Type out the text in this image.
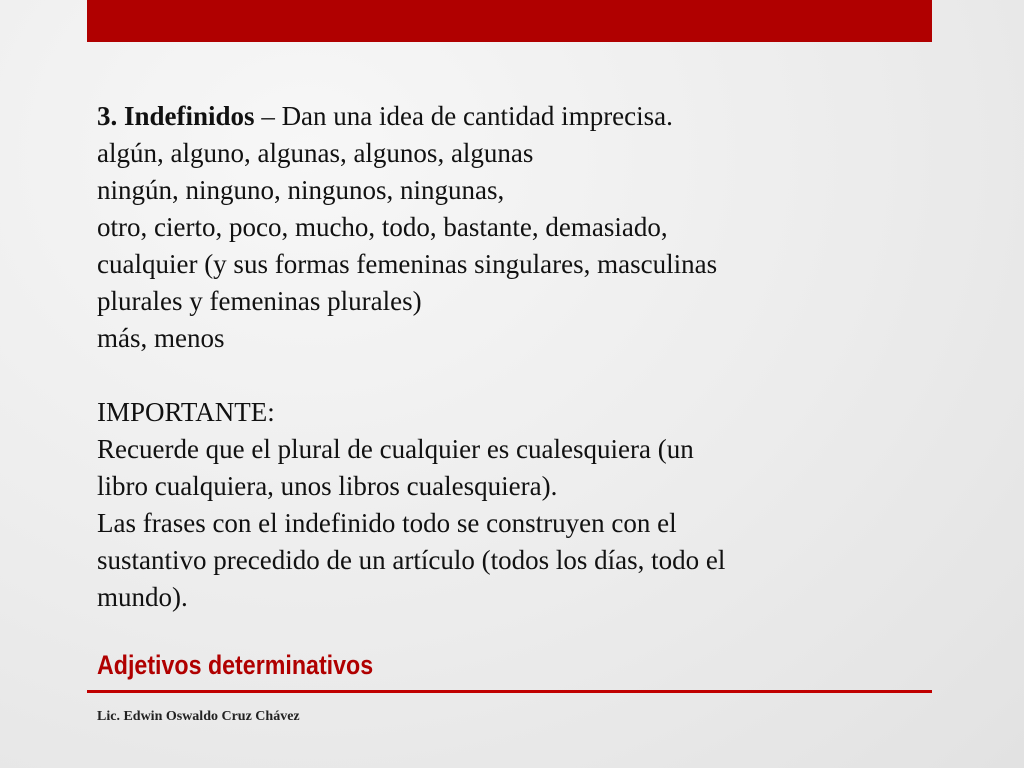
3. Indefinidos – Dan una idea de cantidad imprecisa.
algún, alguno, algunas, algunos, algunas
ningún, ninguno, ningunos, ningunas,
otro, cierto, poco, mucho, todo, bastante, demasiado,
cualquier (y sus formas femeninas singulares, masculinas
plurales y femeninas plurales)
más, menos
IMPORTANTE:
Recuerde que el plural de cualquier es cualesquiera (un
libro cualquiera, unos libros cualesquiera).
Las frases con el indefinido todo se construyen con el
sustantivo precedido de un artículo (todos los días, todo el
mundo).
Adjetivos determinativos
Lic. Edwin Oswaldo Cruz Chávez
